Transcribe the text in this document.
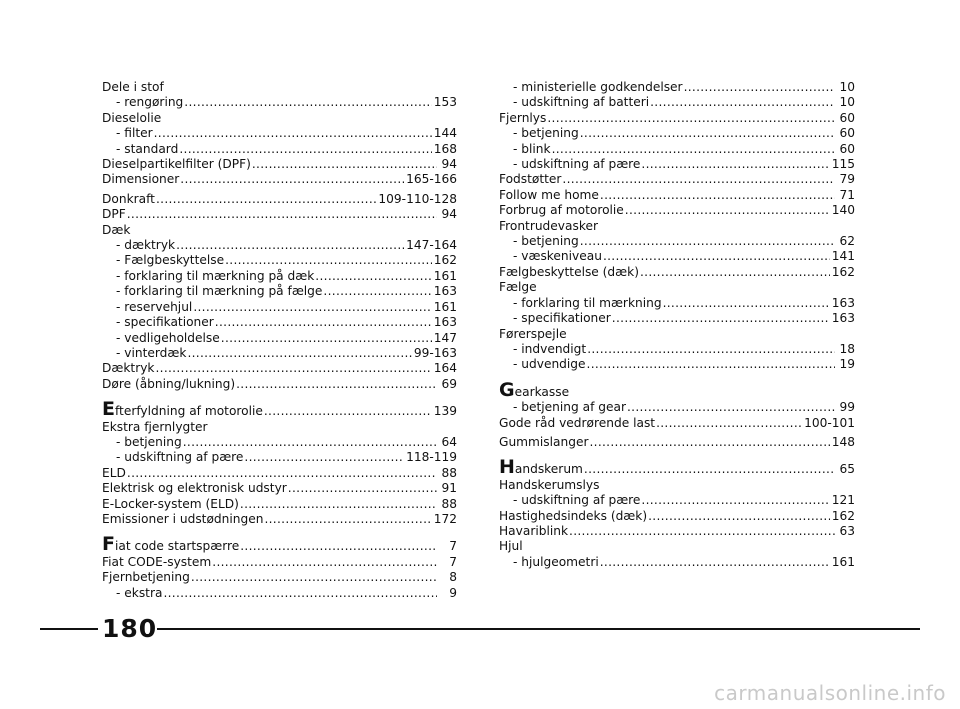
Dele i stof
- rengøring .....	153
Dieselolie
- filter .....	144
- standard .....	168
Dieselpartikelfilter (DPF) .....	94
Dimensioner .....	165-166
Donkraft .....	109-110-128
DPF .....	94
Dæk
- dæktryk .....	147-164
- Fælgbeskyttelse .....	162
- forklaring til mærkning på dæk .....	161
- forklaring til mærkning på fælge .....	163
- reservehjul .....	161
- specifikationer .....	163
- vedligeholdelse .....	147
- vinterdæk .....	99-163
Dæktryk .....	164
Døre (åbning/lukning) .....	69
Efterfyldning af motorolie .....	139
Ekstra fjernlygter
- betjening .....	64
- udskiftning af pære .....	118-119
ELD .....	88
Elektrisk og elektronisk udstyr .....	91
E-Locker-system (ELD) .....	88
Emissioner i udstødningen .....	172
Fiat code startspærre .....	7
Fiat CODE-system .....	7
Fjernbetjening .....	8
- ekstra .....	9
- ministerielle godkendelser .....	10
- udskiftning af batteri .....	10
Fjernlys .....	60
- betjening .....	60
- blink .....	60
- udskiftning af pære .....	115
Fodstøtter .....	79
Follow me home .....	71
Forbrug af motorolie .....	140
Frontrudevasker
- betjening .....	62
- væskeniveau .....	141
Fælgbeskyttelse (dæk) .....	162
Fælge
- forklaring til mærkning .....	163
- specifikationer .....	163
Førerspejle
- indvendigt .....	18
- udvendige .....	19
Gearkasse
- betjening af gear .....	99
Gode råd vedrørende last .....	100-101
Gummislanger .....	148
Handskerum .....	65
Handskerumslys
- udskiftning af pære .....	121
Hastighedsindeks (dæk) .....	162
Havariblink .....	63
Hjul
- hjulgeometri .....	161
180
carmanualsonline.info
